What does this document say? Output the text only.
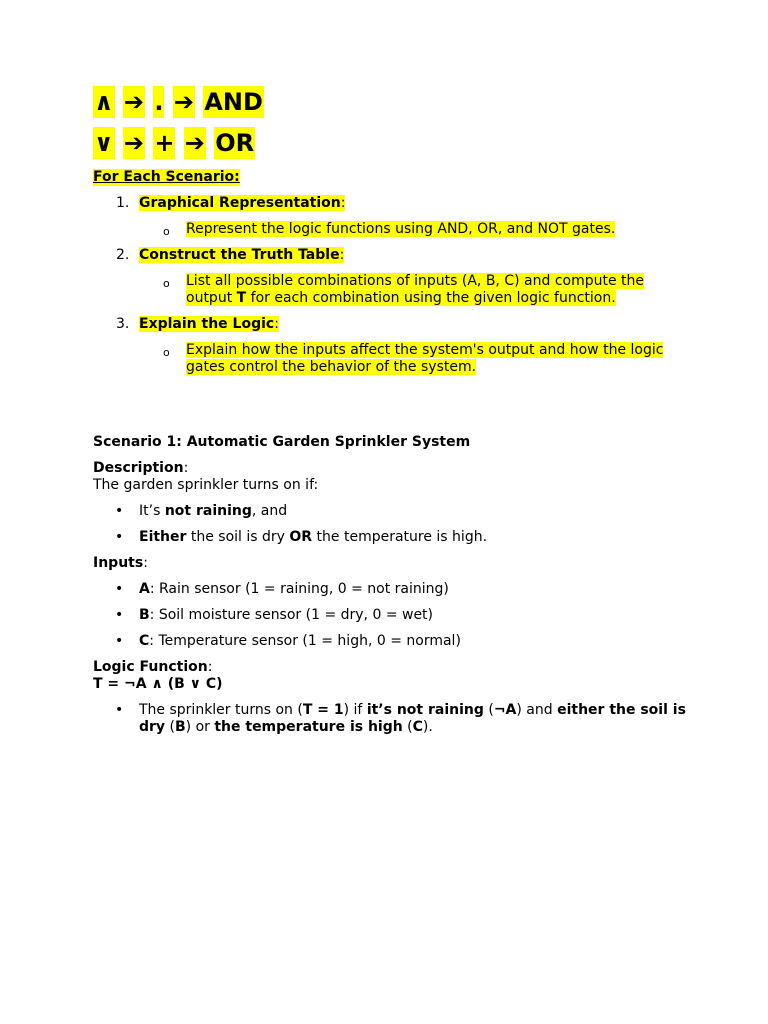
∧ ➔ . ➔ AND
∨ ➔ + ➔ OR
For Each Scenario:
1. Graphical Representation:
o Represent the logic functions using AND, OR, and NOT gates.
2. Construct the Truth Table:
o List all possible combinations of inputs (A, B, C) and compute the output T for each combination using the given logic function.
3. Explain the Logic:
o Explain how the inputs affect the system's output and how the logic gates control the behavior of the system.
Scenario 1: Automatic Garden Sprinkler System
Description:
The garden sprinkler turns on if:
• It’s not raining, and
• Either the soil is dry OR the temperature is high.
Inputs:
• A: Rain sensor (1 = raining, 0 = not raining)
• B: Soil moisture sensor (1 = dry, 0 = wet)
• C: Temperature sensor (1 = high, 0 = normal)
Logic Function:
T = ¬A ∧ (B ∨ C)
• The sprinkler turns on (T = 1) if it’s not raining (¬A) and either the soil is dry (B) or the temperature is high (C).
